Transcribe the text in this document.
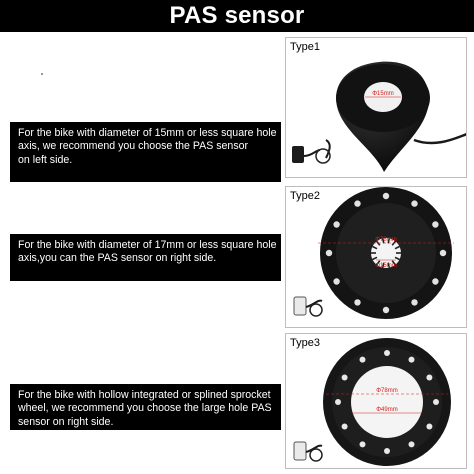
PAS sensor
For the bike with diameter of 15mm or less square hole
axis, we recommend you choose the PAS sensor
on left side.
For the bike with diameter of 17mm or less square hole
axis,you can the PAS sensor on right side.
For the bike with hollow integrated or splined sprocket
wheel, we recommend you choose the large hole PAS
sensor on right side.
Type1
Φ15mm
Type2
Φ78mm
Φ15mm
Type3
Φ78mm
Φ49mm
